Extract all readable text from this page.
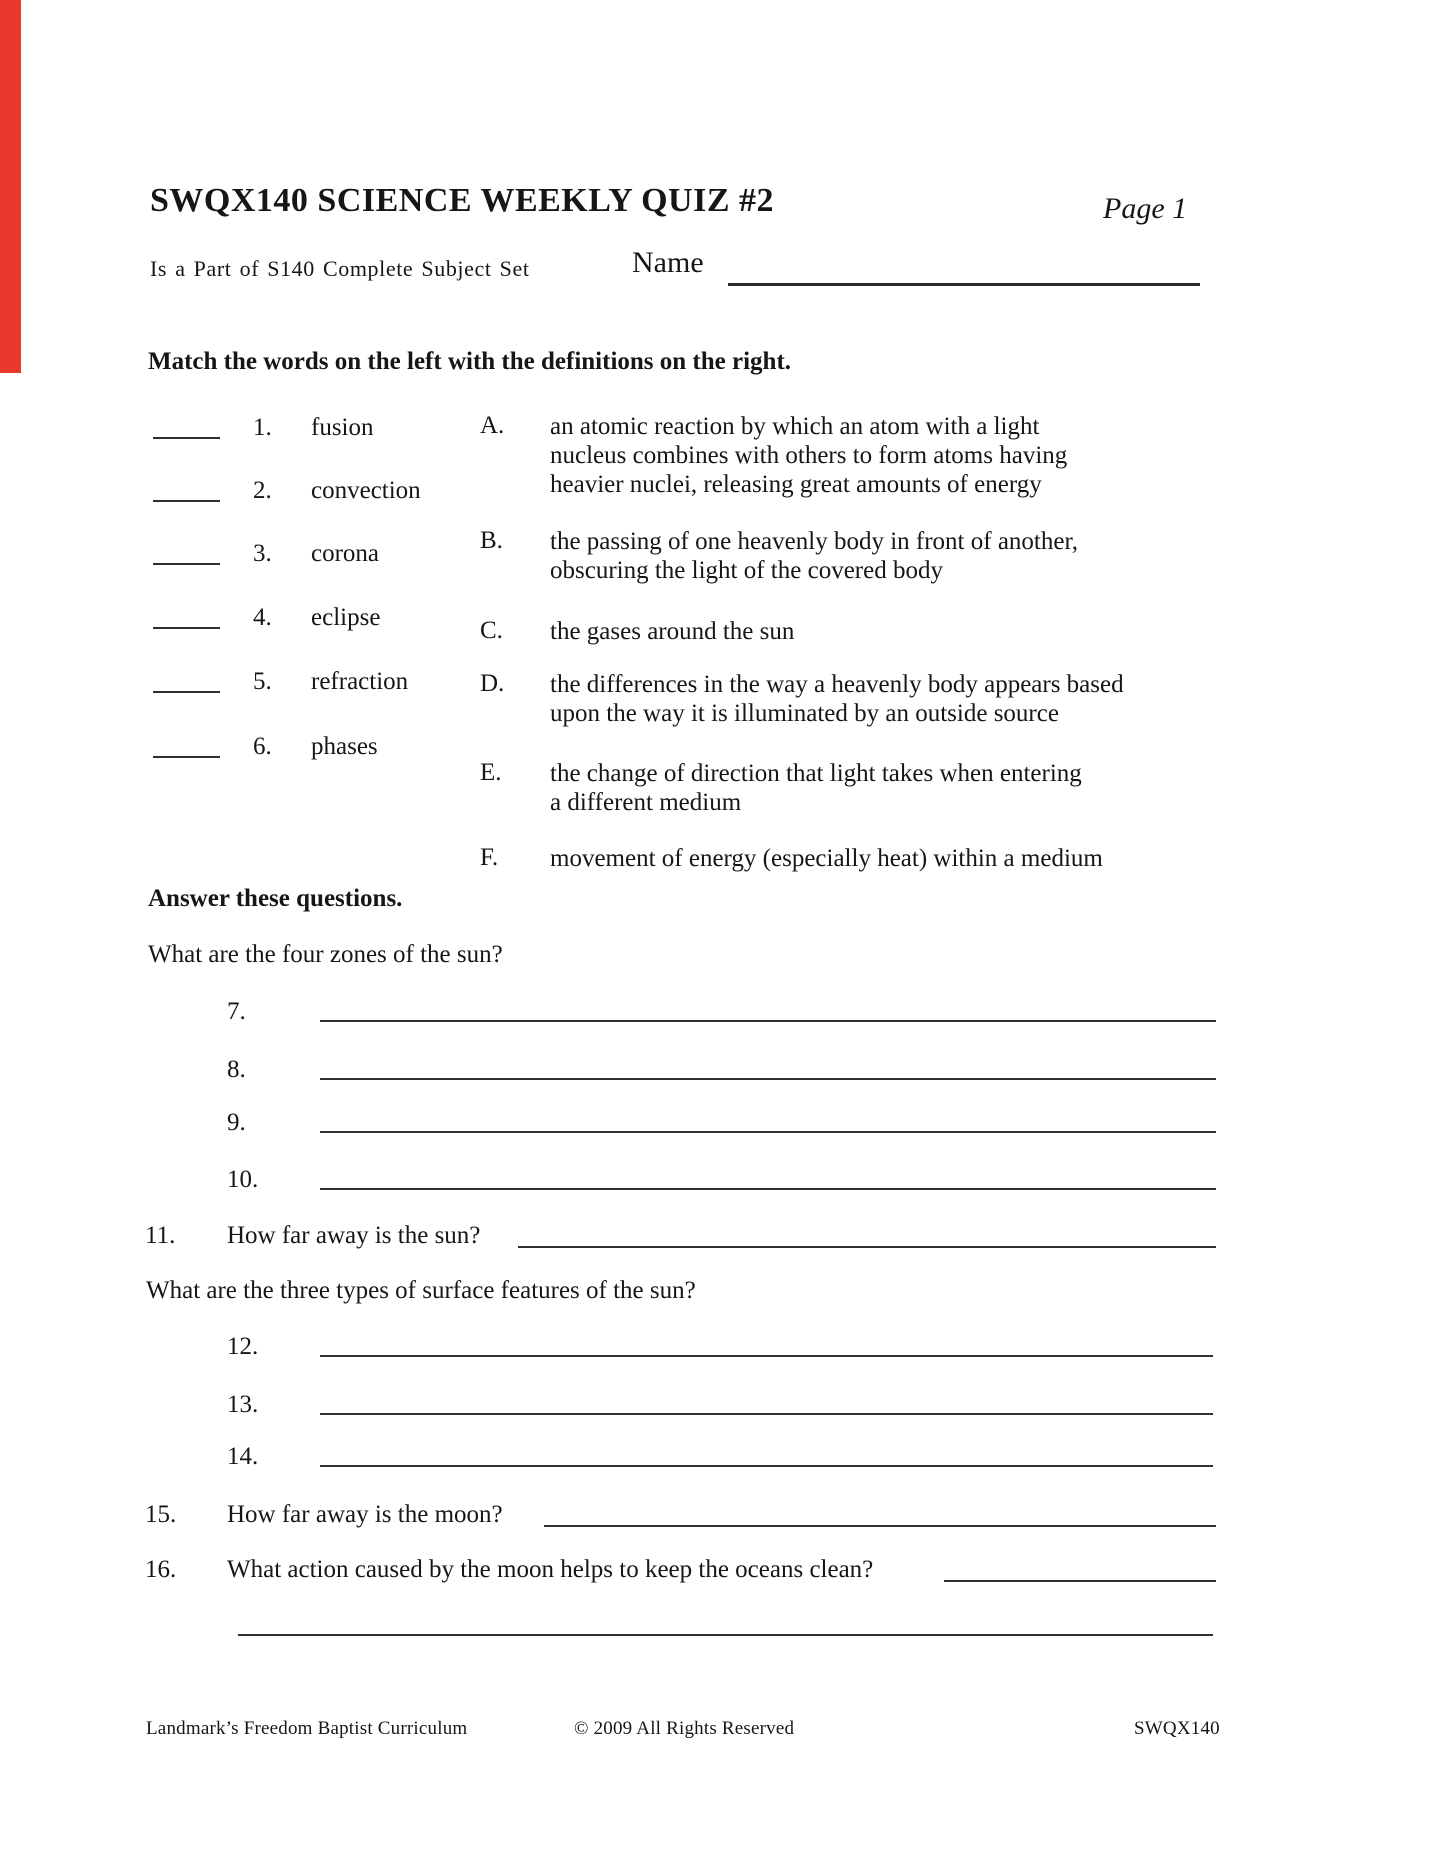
SWQX140 SCIENCE WEEKLY QUIZ #2	Page 1
Is a Part of S140 Complete Subject Set	Name
Match the words on the left with the definitions on the right.
1. fusion
2. convection
3. corona
4. eclipse
5. refraction
6. phases
A. an atomic reaction by which an atom with a light
nucleus combines with others to form atoms having
heavier nuclei, releasing great amounts of energy
B. the passing of one heavenly body in front of another,
obscuring the light of the covered body
C. the gases around the sun
D. the differences in the way a heavenly body appears based
upon the way it is illuminated by an outside source
E. the change of direction that light takes when entering
a different medium
F. movement of energy (especially heat) within a medium
Answer these questions.
What are the four zones of the sun?
7.
8.
9.
10.
11. How far away is the sun?
What are the three types of surface features of the sun?
12.
13.
14.
15. How far away is the moon?
16. What action caused by the moon helps to keep the oceans clean?
Landmark’s Freedom Baptist Curriculum	© 2009 All Rights Reserved	SWQX140
